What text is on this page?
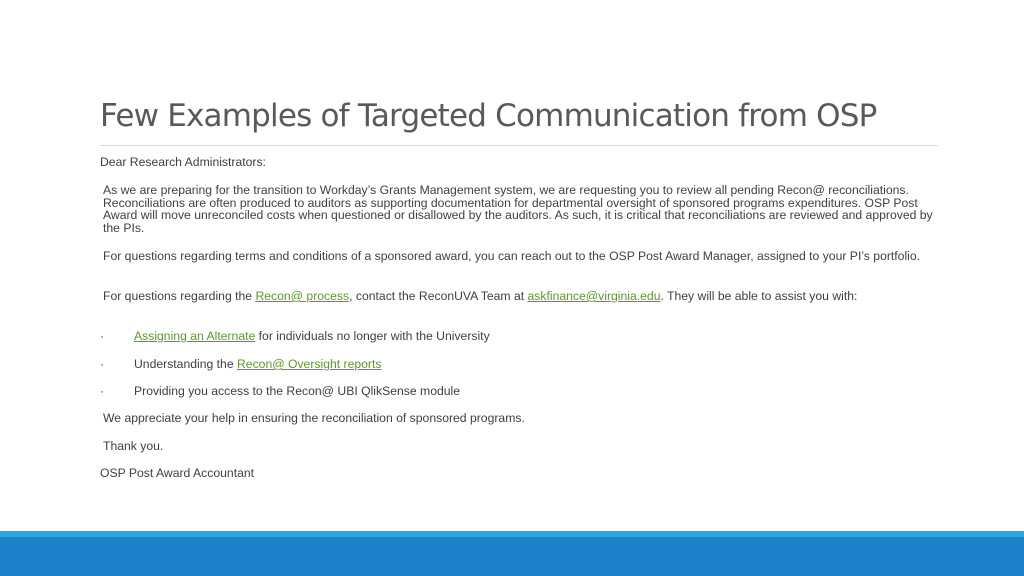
Few Examples of Targeted Communication from OSP

Dear Research Administrators:

As we are preparing for the transition to Workday’s Grants Management system, we are requesting you to review all pending Recon@ reconciliations. Reconciliations are often produced to auditors as supporting documentation for departmental oversight of sponsored programs expenditures. OSP Post Award will move unreconciled costs when questioned or disallowed by the auditors. As such, it is critical that reconciliations are reviewed and approved by the PIs.

For questions regarding terms and conditions of a sponsored award, you can reach out to the OSP Post Award Manager, assigned to your PI’s portfolio.

For questions regarding the Recon@ process, contact the ReconUVA Team at askfinance@virginia.edu. They will be able to assist you with:

· Assigning an Alternate for individuals no longer with the University
· Understanding the Recon@ Oversight reports
· Providing you access to the Recon@ UBI QlikSense module

We appreciate your help in ensuring the reconciliation of sponsored programs.

Thank you.

OSP Post Award Accountant
